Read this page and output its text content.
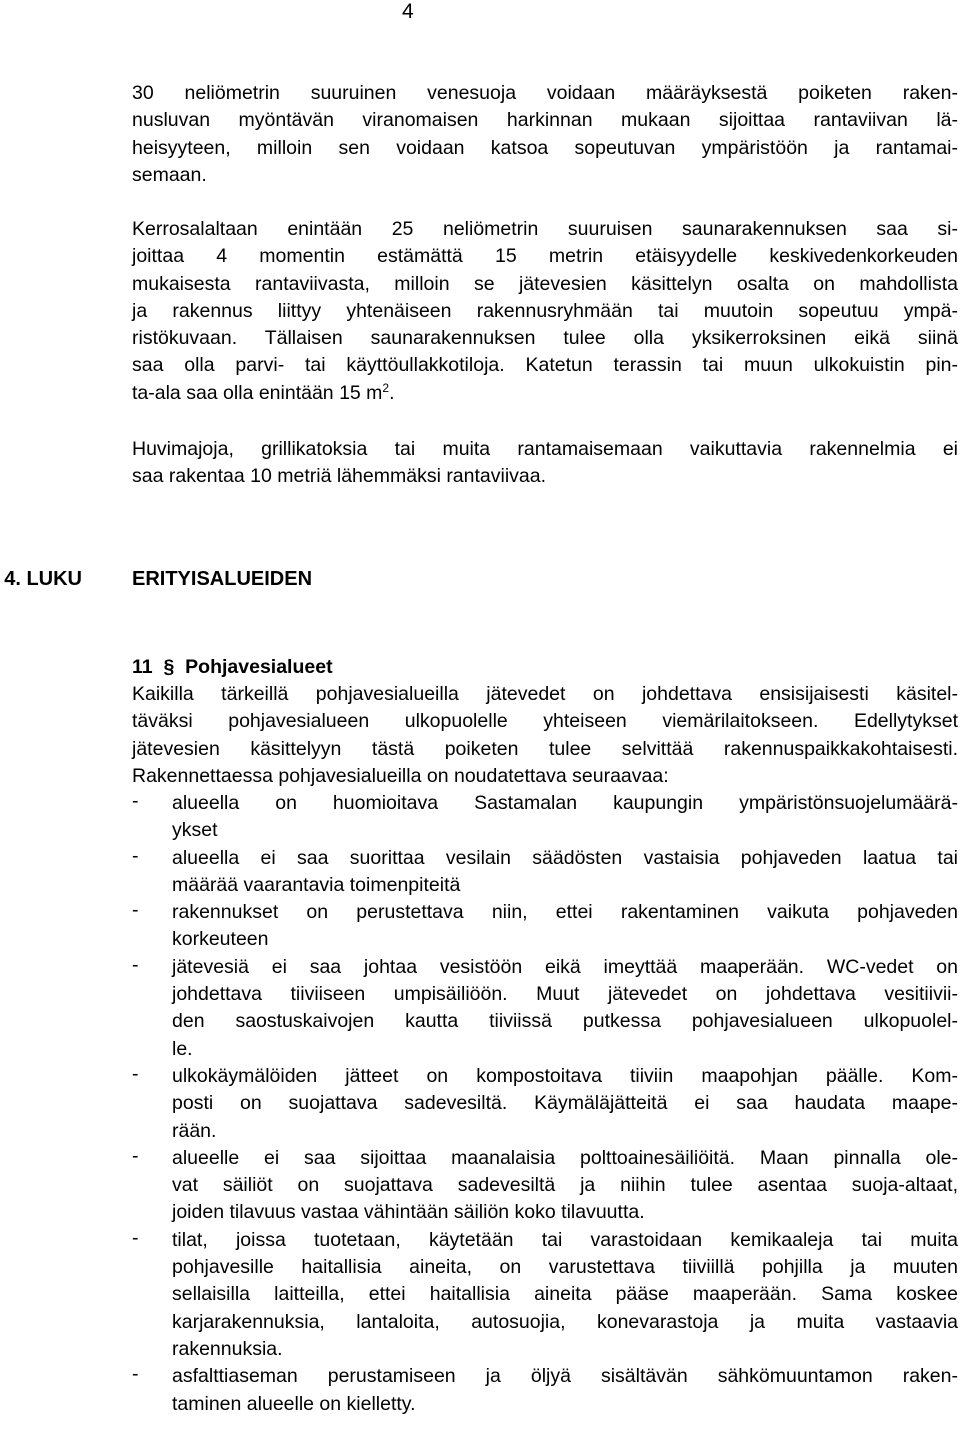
4
30 neliömetrin suuruinen venesuoja voidaan määräyksestä poiketen raken-
nusluvan myöntävän viranomaisen harkinnan mukaan sijoittaa rantaviivan lä-
heisyyteen, milloin sen voidaan katsoa sopeutuvan ympäristöön ja rantamai-
semaan.
Kerrosalaltaan enintään 25 neliömetrin suuruisen saunarakennuksen saa si-
joittaa 4 momentin estämättä 15 metrin etäisyydelle keskivedenkorkeuden
mukaisesta rantaviivasta, milloin se jätevesien käsittelyn osalta on mahdollista
ja rakennus liittyy yhtenäiseen rakennusryhmään tai muutoin sopeutuu ympä-
ristökuvaan. Tällaisen saunarakennuksen tulee olla yksikerroksinen eikä siinä
saa olla parvi- tai käyttöullakkotiloja. Katetun terassin tai muun ulkokuistin pin-
ta-ala saa olla enintään 15 $m^2$.
Huvimajoja, grillikatoksia tai muita rantamaisemaan vaikuttavia rakennelmia ei
saa rakentaa 10 metriä lähemmäksi rantaviivaa.
4. LUKU	ERITYISALUEIDEN
11 § Pohjavesialueet
Kaikilla tärkeillä pohjavesialueilla jätevedet on johdettava ensisijaisesti käsitel-
täväksi pohjavesialueen ulkopuolelle yhteiseen viemärilaitokseen. Edellytykset
jätevesien käsittelyyn tästä poiketen tulee selvittää rakennuspaikkakohtaisesti.
Rakennettaessa pohjavesialueilla on noudatettava seuraavaa:
-	alueella on huomioitava Sastamalan kaupungin ympäristönsuojelumäärä-
ykset
-	alueella ei saa suorittaa vesilain säädösten vastaisia pohjaveden laatua tai
määrää vaarantavia toimenpiteitä
-	rakennukset on perustettava niin, ettei rakentaminen vaikuta pohjaveden
korkeuteen
-	jätevesiä ei saa johtaa vesistöön eikä imeyttää maaperään. WC-vedet on
johdettava tiiviiseen umpisäiliöön. Muut jätevedet on johdettava vesitiivii-
den saostuskaivojen kautta tiiviissä putkessa pohjavesialueen ulkopuolel-
le.
-	ulkokäymälöiden jätteet on kompostoitava tiiviin maapohjan päälle. Kom-
posti on suojattava sadevesiltä. Käymäläjätteitä ei saa haudata maape-
rään.
-	alueelle ei saa sijoittaa maanalaisia polttoainesäiliöitä. Maan pinnalla ole-
vat säiliöt on suojattava sadevesiltä ja niihin tulee asentaa suoja-altaat,
joiden tilavuus vastaa vähintään säiliön koko tilavuutta.
-	tilat, joissa tuotetaan, käytetään tai varastoidaan kemikaaleja tai muita
pohjavesille haitallisia aineita, on varustettava tiiviillä pohjilla ja muuten
sellaisilla laitteilla, ettei haitallisia aineita pääse maaperään. Sama koskee
karjarakennuksia, lantaloita, autosuojia, konevarastoja ja muita vastaavia
rakennuksia.
-	asfalttiaseman perustamiseen ja öljyä sisältävän sähkömuuntamon raken-
taminen alueelle on kielletty.
